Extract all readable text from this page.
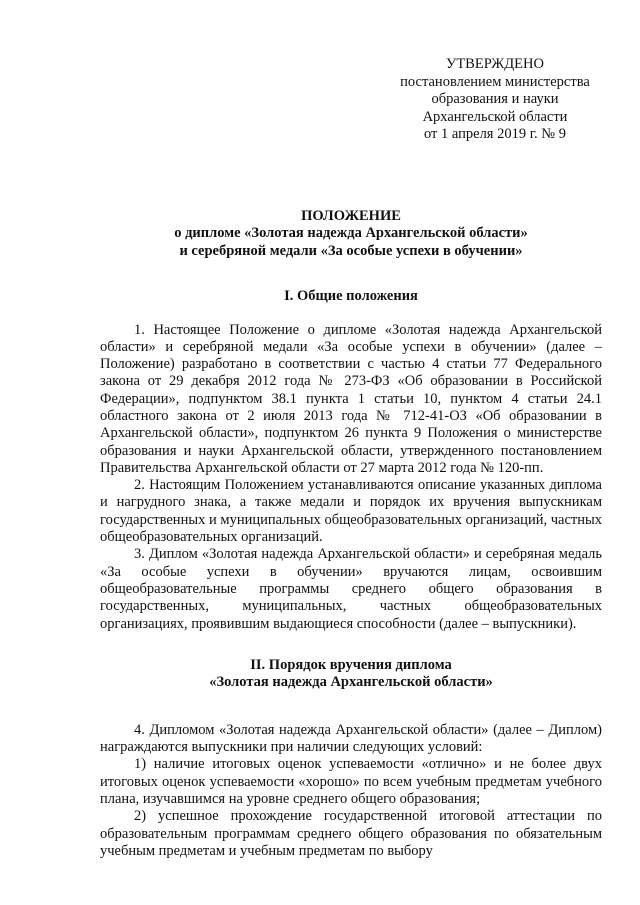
УТВЕРЖДЕНО
постановлением министерства
образования и науки
Архангельской области
от 1 апреля 2019 г. № 9
ПОЛОЖЕНИЕ
о дипломе «Золотая надежда Архангельской области»
и серебряной медали «За особые успехи в обучении»
I. Общие положения

1. Настоящее Положение о дипломе «Золотая надежда Архангельской области» и серебряной медали «За особые успехи в обучении» (далее – Положение) разработано в соответствии с частью 4 статьи 77 Федерального закона от 29 декабря 2012 года № 273-ФЗ «Об образовании в Российской Федерации», подпунктом 38.1 пункта 1 статьи 10, пунктом 4 статьи 24.1 областного закона от 2 июля 2013 года № 712-41-ОЗ «Об образовании в Архангельской области», подпунктом 26 пункта 9 Положения о министерстве образования и науки Архангельской области, утвержденного постановлением Правительства Архангельской области от 27 марта 2012 года № 120-пп.

2. Настоящим Положением устанавливаются описание указанных диплома и нагрудного знака, а также медали и порядок их вручения выпускникам государственных и муниципальных общеобразовательных организаций, частных общеобразовательных организаций.

3. Диплом «Золотая надежда Архангельской области» и серебряная медаль «За особые успехи в обучении» вручаются лицам, освоившим общеобразовательные программы среднего общего образования в государственных, муниципальных, частных общеобразовательных организациях, проявившим выдающиеся способности (далее – выпускники).

II. Порядок вручения диплома
«Золотая надежда Архангельской области»

4. Дипломом «Золотая надежда Архангельской области» (далее – Диплом) награждаются выпускники при наличии следующих условий:

1) наличие итоговых оценок успеваемости «отлично» и не более двух итоговых оценок успеваемости «хорошо» по всем учебным предметам учебного плана, изучавшимся на уровне среднего общего образования;

2) успешное прохождение государственной итоговой аттестации по образовательным программам среднего общего образования по обязательным учебным предметам и учебным предметам по выбору
